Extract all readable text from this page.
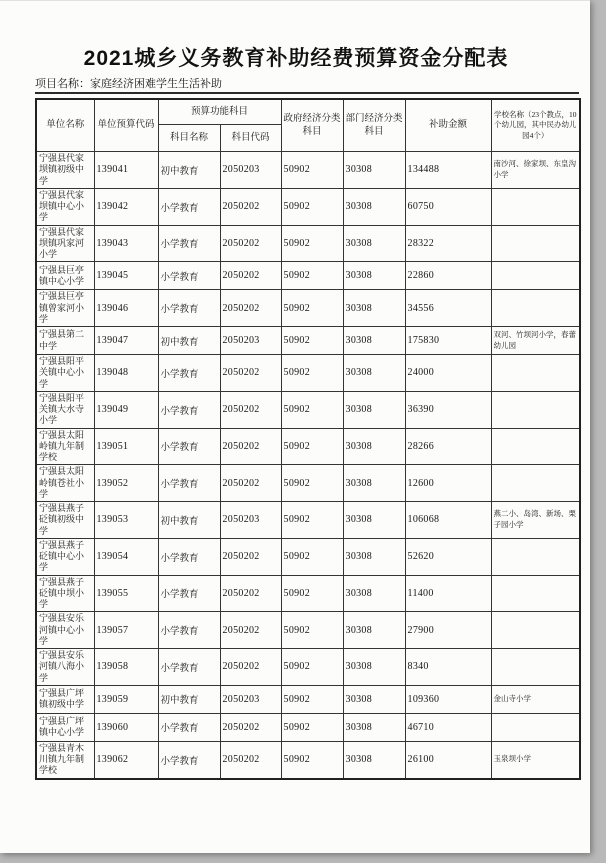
2021城乡义务教育补助经费预算资金分配表
项目名称：家庭经济困难学生生活补助
单位名称	单位预算代码	预算功能科目		政府经济分类科目	部门经济分类科目	补助金额	学校名称（23个教点，10个幼儿园，其中民办幼儿园4个）
		科目名称	科目代码				
宁强县代家坝镇初级中学	139041	初中教育	2050203	50902	30308	134488	南沙河、徐家坝、东皇沟小学
宁强县代家坝镇中心小学	139042	小学教育	2050202	50902	30308	60750	
宁强县代家坝镇巩家河小学	139043	小学教育	2050202	50902	30308	28322	
宁强县巨亭镇中心小学	139045	小学教育	2050202	50902	30308	22860	
宁强县巨亭镇曾家河小学	139046	小学教育	2050202	50902	30308	34556	
宁强县第二中学	139047	初中教育	2050203	50902	30308	175830	双河、竹坝河小学，春蕾幼儿园
宁强县阳平关镇中心小学	139048	小学教育	2050202	50902	30308	24000	
宁强县阳平关镇大水寺小学	139049	小学教育	2050202	50902	30308	36390	
宁强县太阳岭镇九年制学校	139051	小学教育	2050202	50902	30308	28266	
宁强县太阳岭镇苍社小学	139052	小学教育	2050202	50902	30308	12600	
宁强县燕子砭镇初级中学	139053	初中教育	2050203	50902	30308	106068	燕二小、岛湾、新场、栗子园小学
宁强县燕子砭镇中心小学	139054	小学教育	2050202	50902	30308	52620	
宁强县燕子砭镇中坝小学	139055	小学教育	2050202	50902	30308	11400	
宁强县安乐河镇中心小学	139057	小学教育	2050202	50902	30308	27900	
宁强县安乐河镇八海小学	139058	小学教育	2050202	50902	30308	8340	
宁强县广坪镇初级中学	139059	初中教育	2050203	50902	30308	109360	金山寺小学
宁强县广坪镇中心小学	139060	小学教育	2050202	50902	30308	46710	
宁强县青木川镇九年制学校	139062	小学教育	2050202	50902	30308	26100	玉泉坝小学
